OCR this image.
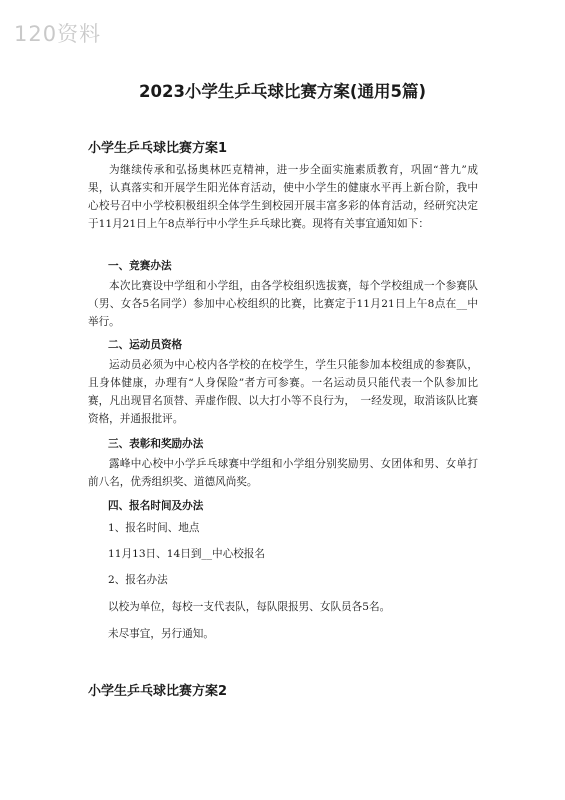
120资料
2023小学生乒乓球比赛方案(通用5篇)
小学生乒乓球比赛方案1
为继续传承和弘扬奥林匹克精神，进一步全面实施素质教育，巩固“普九”成果，认真落实和开展学生阳光体育活动，使中小学生的健康水平再上新台阶，我中心校号召中小学校积极组织全体学生到校园开展丰富多彩的体育活动，经研究决定于11月21日上午8点举行中小学生乒乓球比赛。现将有关事宜通知如下：
一、竞赛办法
本次比赛设中学组和小学组，由各学校组织选拔赛，每个学校组成一个参赛队（男、女各5名同学）参加中心校组织的比赛，比赛定于11月21日上午8点在__中举行。
二、运动员资格
运动员必须为中心校内各学校的在校学生，学生只能参加本校组成的参赛队，且身体健康，办理有“人身保险”者方可参赛。一名运动员只能代表一个队参加比赛，凡出现冒名顶替、弄虚作假、以大打小等不良行为，　一经发现，取消该队比赛资格，并通报批评。
三、表彰和奖励办法
露峰中心校中小学乒乓球赛中学组和小学组分别奖励男、女团体和男、女单打前八名，优秀组织奖、道德风尚奖。
四、报名时间及办法
1、报名时间、地点
11月13日、14日到__中心校报名
2、报名办法
以校为单位，每校一支代表队，每队限报男、女队员各5名。
未尽事宜，另行通知。
小学生乒乓球比赛方案2
